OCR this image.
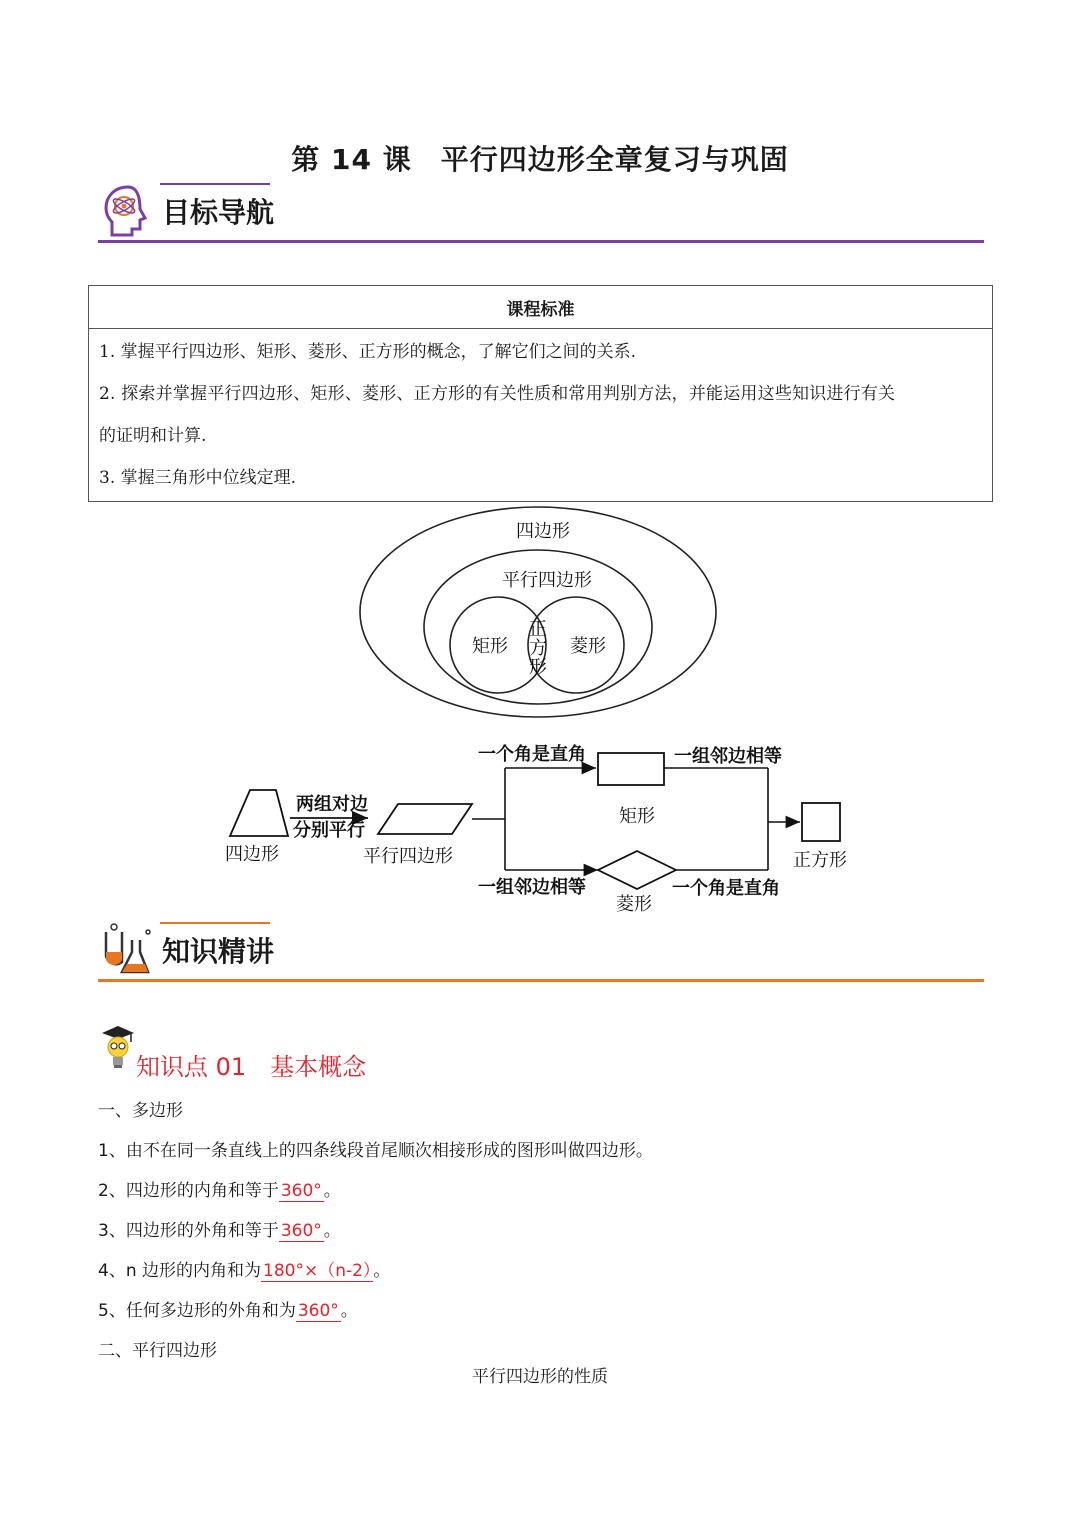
第 14 课　平行四边形全章复习与巩固
目标导航
课程标准

1. 掌握平行四边形、矩形、菱形、正方形的概念，了解它们之间的关系.
2. 探索并掌握平行四边形、矩形、菱形、正方形的有关性质和常用判别方法，并能运用这些知识进行有关
的证明和计算.
3. 掌握三角形中位线定理.
四边形
平行四边形
矩形	菱形
正
方
形
四边形
两组对边
分别平行
平行四边形
一个角是直角
一组邻边相等
矩形
菱形
一组邻边相等
一个角是直角
正方形
知识精讲
知识点 01　基本概念
一、多边形
1、由不在同一条直线上的四条线段首尾顺次相接形成的图形叫做四边形。
2、四边形的内角和等于 360° 。
3、四边形的外角和等于 360° 。
4、n 边形的内角和为 180°×（n-2） 。
5、任何多边形的外角和为 360° 。
二、平行四边形
平行四边形的性质
